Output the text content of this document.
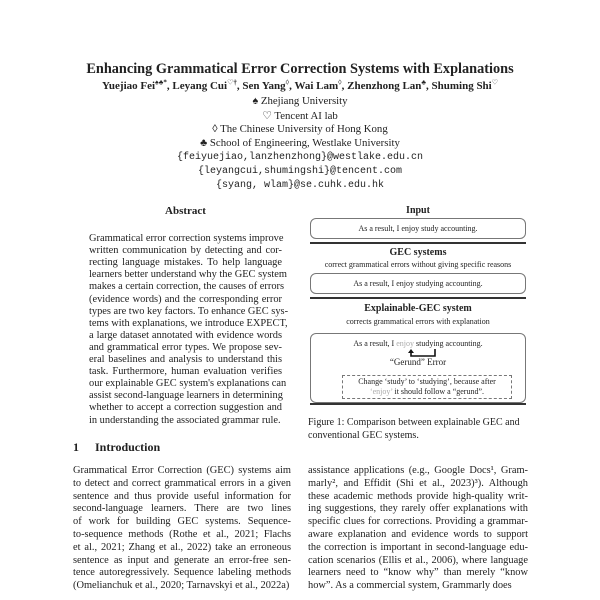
Enhancing Grammatical Error Correction Systems with Explanations
Yuejiao Fei♠♣*, Leyang Cui♡†, Sen Yang◊, Wai Lam◊, Zhenzhong Lan♣, Shuming Shi♡
♠ Zhejiang University
♡ Tencent AI lab
◊ The Chinese University of Hong Kong
♣ School of Engineering, Westlake University
{feiyuejiao,lanzhenzhong}@westlake.edu.cn
{leyangcui,shumingshi}@tencent.com
{syang, wlam}@se.cuhk.edu.hk
Abstract
1 Introduction
Input
As a result, I enjoy study accounting.
GEC systems
correct grammatical errors without giving specific reasons
As a result, I enjoy studying accounting.
Explainable-GEC system
corrects grammatical errors with explanation
As a result, I enjoy studying accounting.
“Gerund” Error
Change ‘study’ to ‘studying’, because after
‘enjoy’ it should follow a “gerund”.
Figure 1: Comparison between explainable GEC and
conventional GEC systems.
Grammatical error correction systems improve
written communication by detecting and cor-
recting language mistakes. To help language
learners better understand why the GEC system
makes a certain correction, the causes of errors
(evidence words) and the corresponding error
types are two key factors. To enhance GEC sys-
tems with explanations, we introduce EXPECT,
a large dataset annotated with evidence words
and grammatical error types. We propose sev-
eral baselines and analysis to understand this
task. Furthermore, human evaluation verifies
our explainable GEC system's explanations can
assist second-language learners in determining
whether to accept a correction suggestion and
in understanding the associated grammar rule.
Grammatical Error Correction (GEC) systems aim
to detect and correct grammatical errors in a given
sentence and thus provide useful information for
second-language learners. There are two lines
of work for building GEC systems. Sequence-
to-sequence methods (Rothe et al., 2021; Flachs
et al., 2021; Zhang et al., 2022) take an erroneous
sentence as input and generate an error-free sen-
tence autoregressively. Sequence labeling methods
(Omelianchuk et al., 2020; Tarnavskyi et al., 2022a)
assistance applications (e.g., Google Docs¹, Gram-
marly², and Effidit (Shi et al., 2023)³). Although
these academic methods provide high-quality writ-
ing suggestions, they rarely offer explanations with
specific clues for corrections. Providing a grammar-
aware explanation and evidence words to support
the correction is important in second-language edu-
cation scenarios (Ellis et al., 2006), where language
learners need to “know why” than merely “know
how”. As a commercial system, Grammarly does
